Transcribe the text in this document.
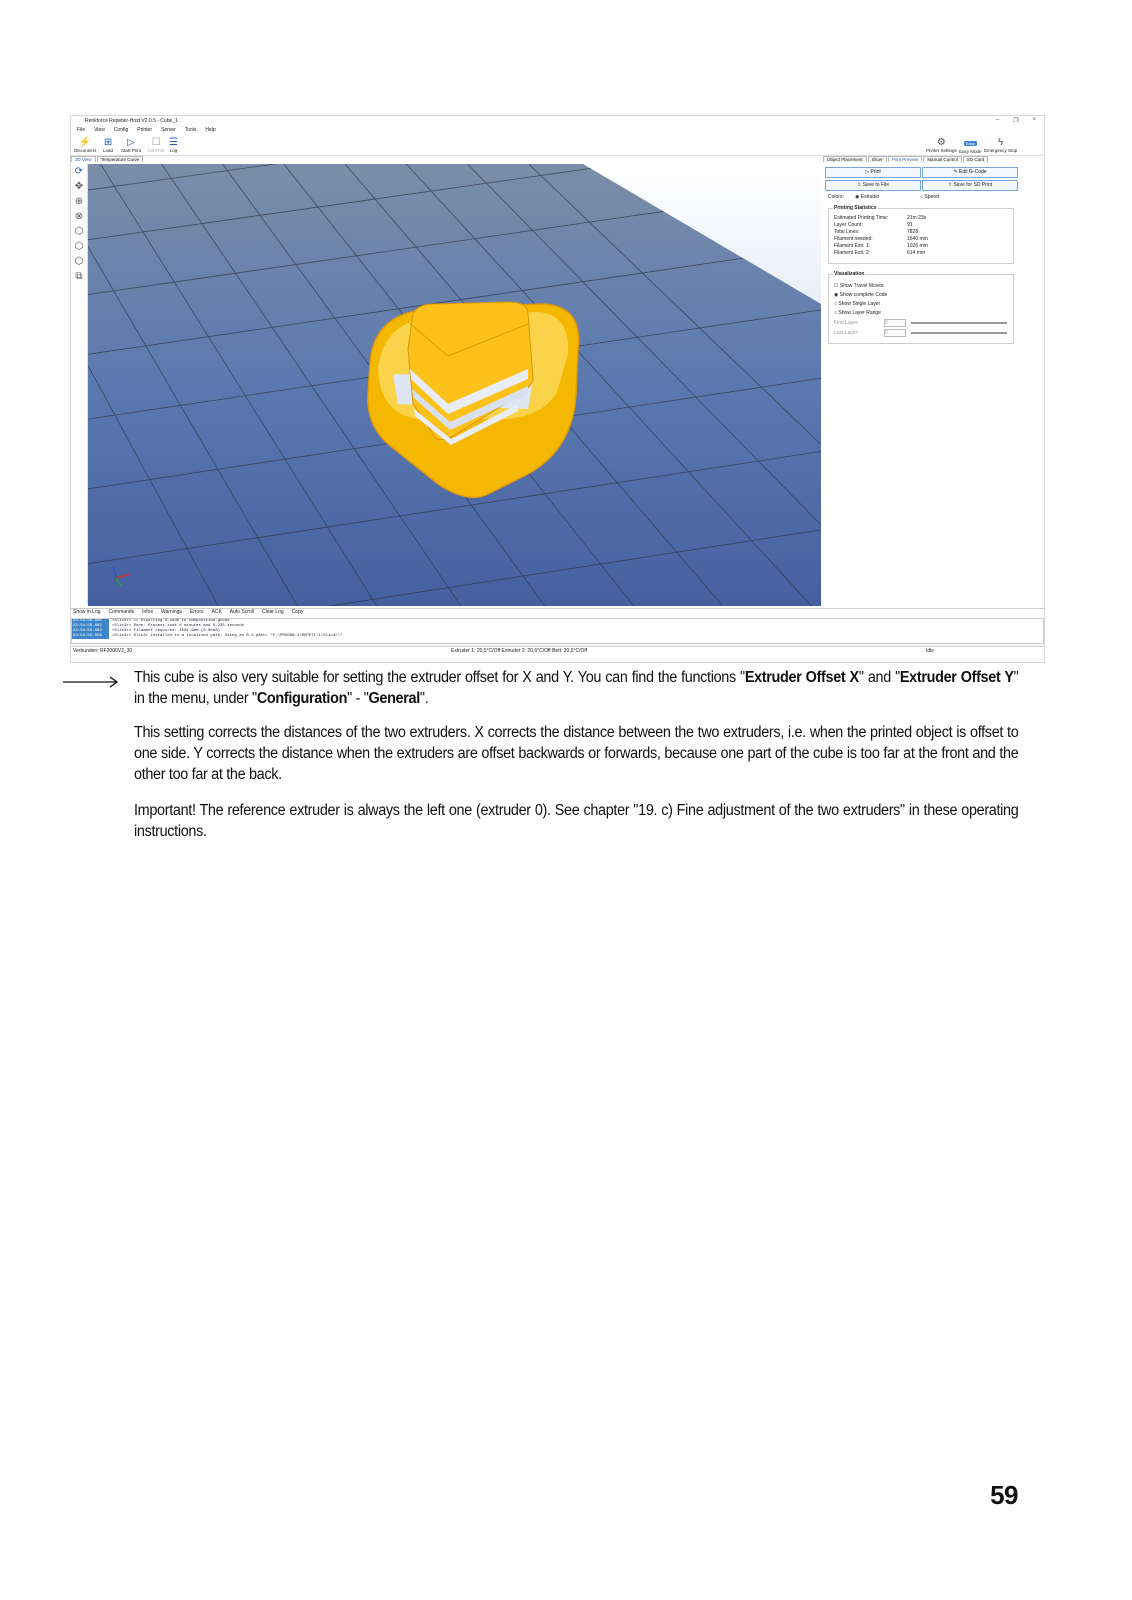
Renkforce Repetier-Host V2.0.5 - Cube_1	– ❐ ×
File View Config Printer Server Tools Help
⚡
Disconnect
⊞
Load
▷
Start Print
☐
Kill Print
☰
Log
⚙
Printer Settings
Easy
Easy Mode
ϟ
Emergency Stop
3D View	Temperature Curve
⟳
✥
⊕
⊗
⬡
⬡
⬡
⧉
Object Placement	Slicer	Print Preview	Manual Control	SD Card
▷ Print	✎ Edit G-Code
⇪ Save to File	⇪ Save for SD Print
Colors: ◉ Extruder	○ Speed
Printing Statistics
Estimated Printing Time:	21m:23s
Layer Count:	91
Total Lines:	7828
Filament needed:	1640 mm
Filament Extr. 1:	1026 mm
Filament Extr. 2:	614 mm
Visualization
☐ Show Travel Moves
◉ Show complete Code
○ Show Single Layer
○ Show Layer Range
First Layer:	0
Last Layer:	0
Show in Log Commands Infos Warnings Errors ACK Auto Scroll Clear Log Copy
23:54:56.880	<Slic3r> => Exporting G-code to composition.gcode
23:54:56.882	<Slic3r> Done. Process took 0 minutes and 0.335 seconds
23:54:56.882	<Slic3r> Filament required: 1501.9mm (3.0cm3)
23:54:56.856	<Slic3r> Slic3r installed in a localized path. Using an 8.3 path: "C:\PROGRA~1\REPETI~1\Slic3r\"
Verbunden: RF2000V2_30	Extruder 1: 20,5°C/Off Extruder 2: 20,6°C/Off Bett: 20,5°C/Off	Idle

This cube is also very suitable for setting the extruder offset for X and Y. You can find the functions "Extruder Offset X" and "Extruder Offset Y" in the menu, under "Configuration" - "General".

This setting corrects the distances of the two extruders. X corrects the distance between the two extruders, i.e. when the printed object is offset to one side. Y corrects the distance when the extruders are offset backwards or forwards, because one part of the cube is too far at the front and the other too far at the back.

Important! The reference extruder is always the left one (extruder 0). See chapter "19. c) Fine adjustment of the two extruders" in these operating instructions.

59
